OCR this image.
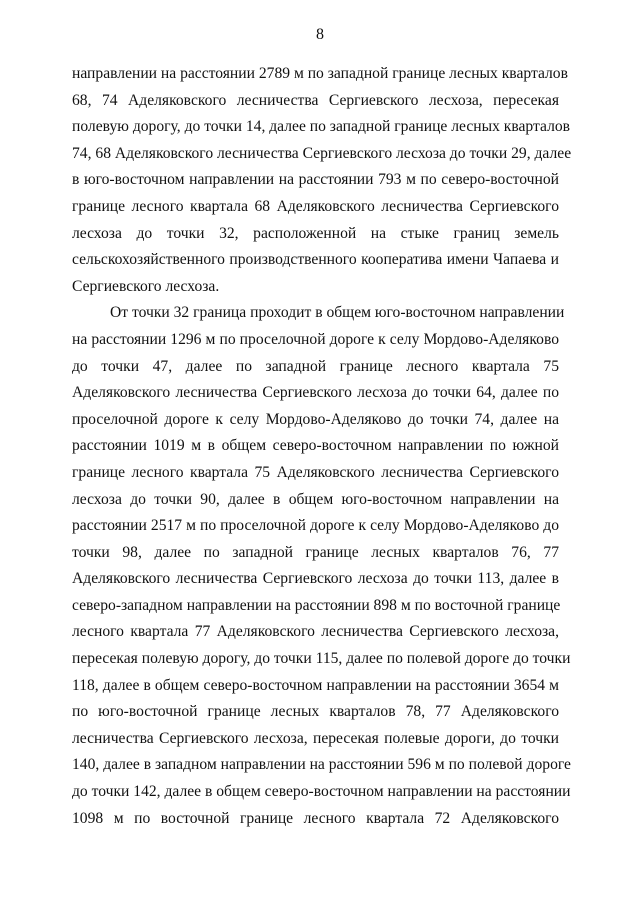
8
направлении на расстоянии 2789 м по западной границе лесных кварталов
68, 74 Аделяковского лесничества Сергиевского лесхоза, пересекая
полевую дорогу, до точки 14, далее по западной границе лесных кварталов
74, 68 Аделяковского лесничества Сергиевского лесхоза до точки 29, далее
в юго-восточном направлении на расстоянии 793 м по северо-восточной
границе лесного квартала 68 Аделяковского лесничества Сергиевского
лесхоза до точки 32, расположенной на стыке границ земель
сельскохозяйственного производственного кооператива имени Чапаева и
Сергиевского лесхоза.
От точки 32 граница проходит в общем юго-восточном направлении
на расстоянии 1296 м по проселочной дороге к селу Мордово-Аделяково
до точки 47, далее по западной границе лесного квартала 75
Аделяковского лесничества Сергиевского лесхоза до точки 64, далее по
проселочной дороге к селу Мордово-Аделяково до точки 74, далее на
расстоянии 1019 м в общем северо-восточном направлении по южной
границе лесного квартала 75 Аделяковского лесничества Сергиевского
лесхоза до точки 90, далее в общем юго-восточном направлении на
расстоянии 2517 м по проселочной дороге к селу Мордово-Аделяково до
точки 98, далее по западной границе лесных кварталов 76, 77
Аделяковского лесничества Сергиевского лесхоза до точки 113, далее в
северо-западном направлении на расстоянии 898 м по восточной границе
лесного квартала 77 Аделяковского лесничества Сергиевского лесхоза,
пересекая полевую дорогу, до точки 115, далее по полевой дороге до точки
118, далее в общем северо-восточном направлении на расстоянии 3654 м
по юго-восточной границе лесных кварталов 78, 77 Аделяковского
лесничества Сергиевского лесхоза, пересекая полевые дороги, до точки
140, далее в западном направлении на расстоянии 596 м по полевой дороге
до точки 142, далее в общем северо-восточном направлении на расстоянии
1098 м по восточной границе лесного квартала 72 Аделяковского
